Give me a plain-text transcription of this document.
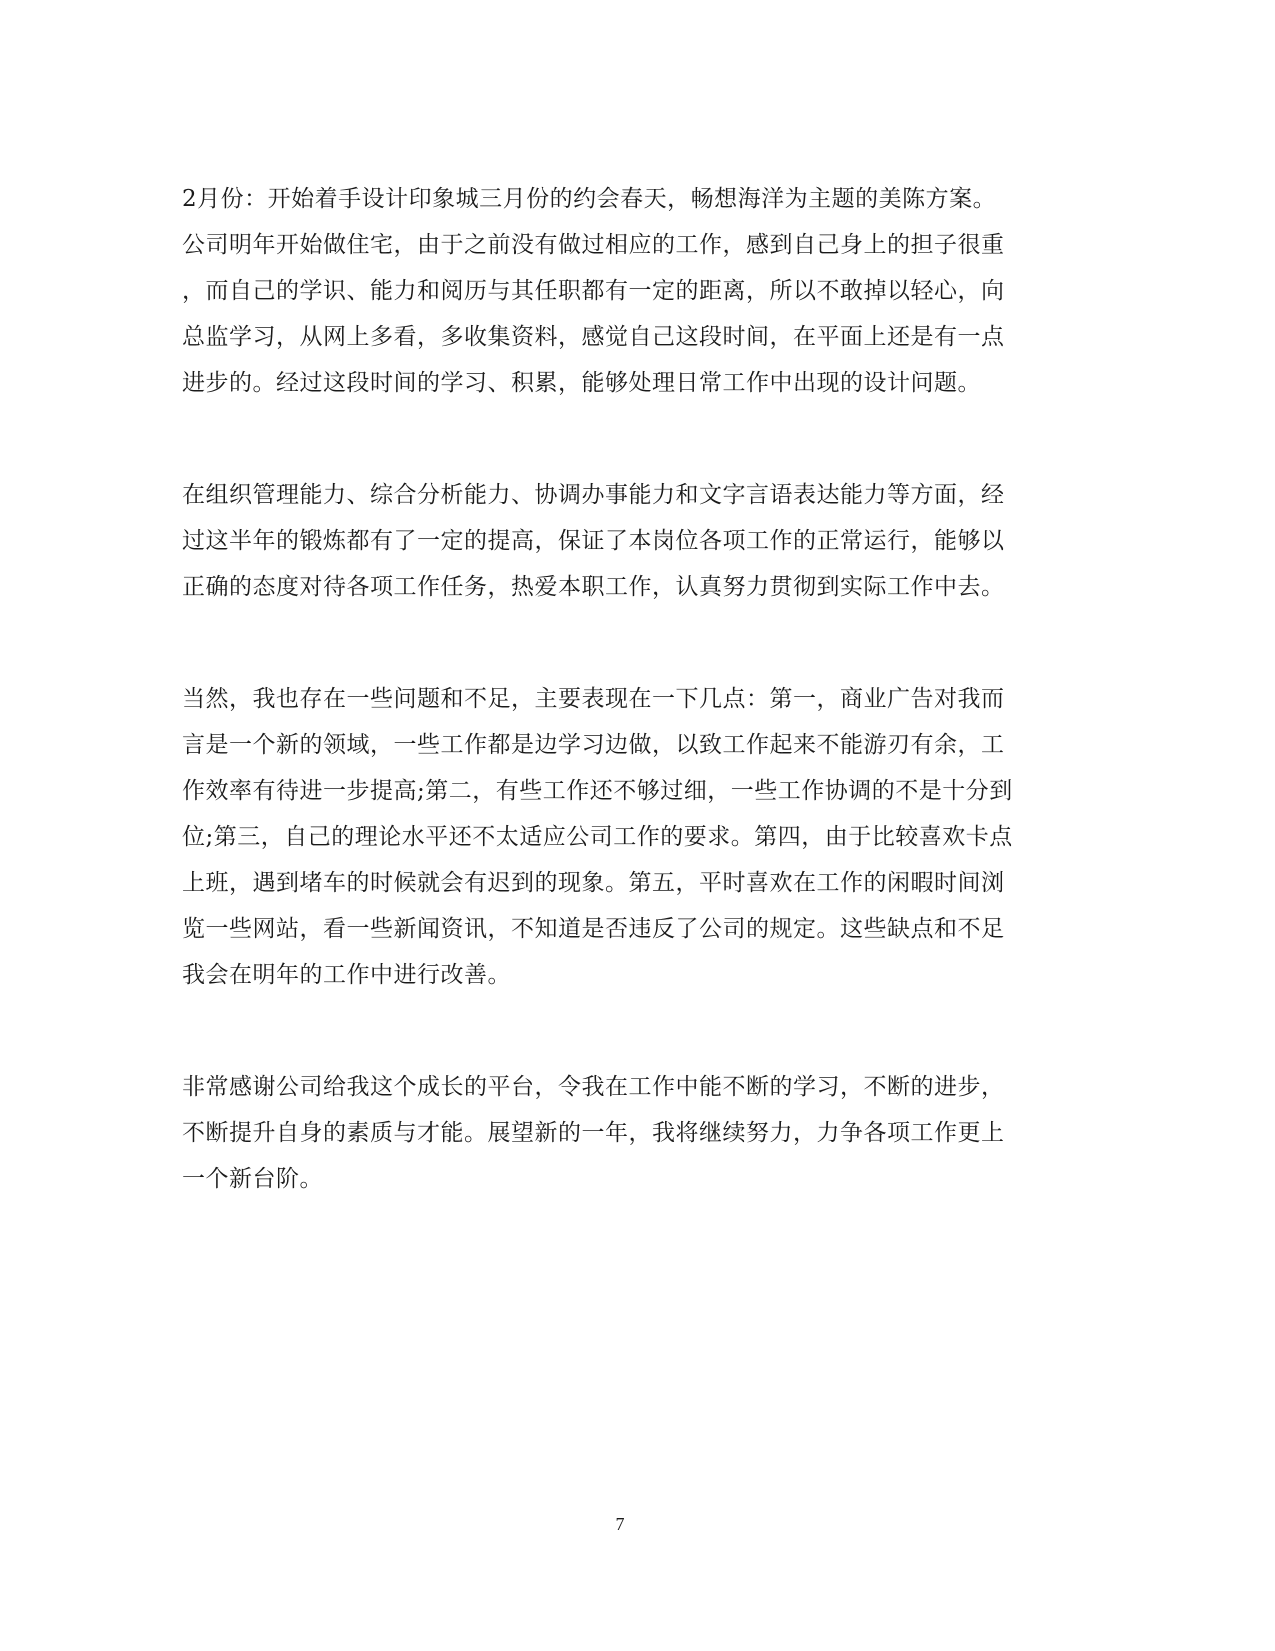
2月份：开始着手设计印象城三月份的约会春天，畅想海洋为主题的美陈方案。
公司明年开始做住宅，由于之前没有做过相应的工作，感到自己身上的担子很重
，而自己的学识、能力和阅历与其任职都有一定的距离，所以不敢掉以轻心，向
总监学习，从网上多看，多收集资料，感觉自己这段时间，在平面上还是有一点
进步的。经过这段时间的学习、积累，能够处理日常工作中出现的设计问题。
在组织管理能力、综合分析能力、协调办事能力和文字言语表达能力等方面，经
过这半年的锻炼都有了一定的提高，保证了本岗位各项工作的正常运行，能够以
正确的态度对待各项工作任务，热爱本职工作，认真努力贯彻到实际工作中去。
当然，我也存在一些问题和不足，主要表现在一下几点：第一，商业广告对我而
言是一个新的领域，一些工作都是边学习边做，以致工作起来不能游刃有余，工
作效率有待进一步提高;第二，有些工作还不够过细，一些工作协调的不是十分到
位;第三，自己的理论水平还不太适应公司工作的要求。第四，由于比较喜欢卡点
上班，遇到堵车的时候就会有迟到的现象。第五，平时喜欢在工作的闲暇时间浏
览一些网站，看一些新闻资讯，不知道是否违反了公司的规定。这些缺点和不足
我会在明年的工作中进行改善。
非常感谢公司给我这个成长的平台，令我在工作中能不断的学习，不断的进步，
不断提升自身的素质与才能。展望新的一年，我将继续努力，力争各项工作更上
一个新台阶。
7
